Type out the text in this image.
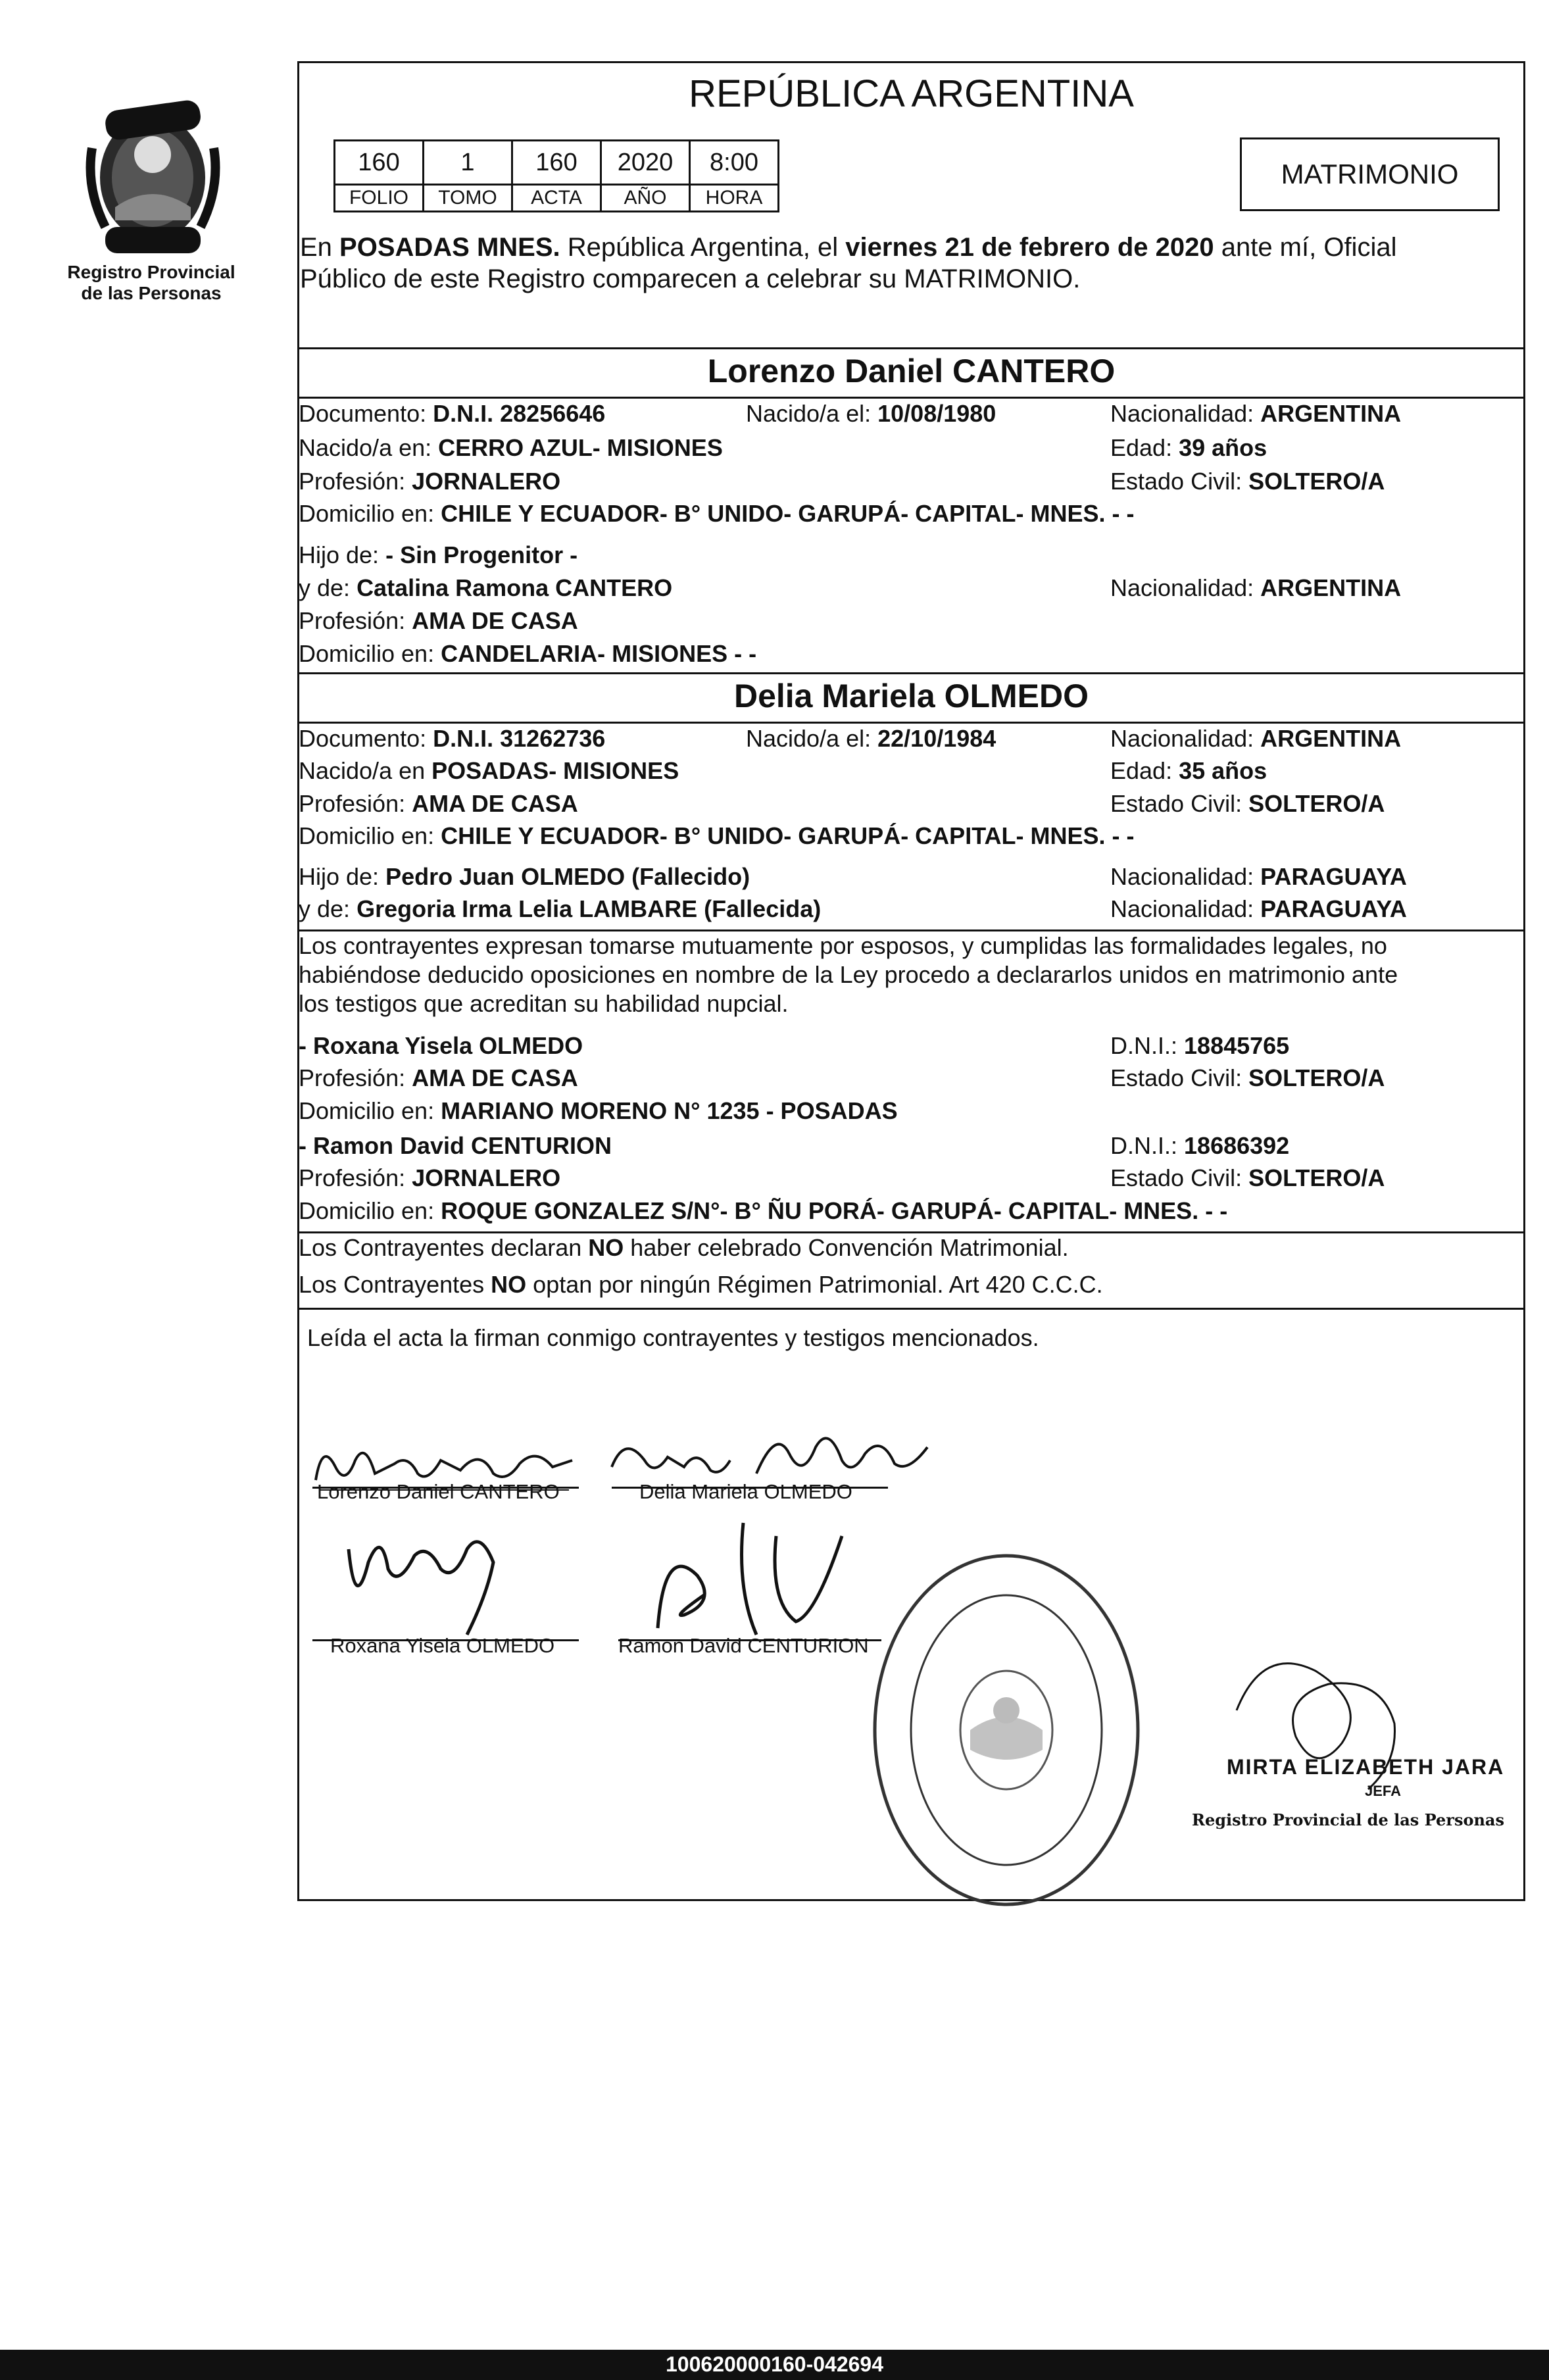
Registro Provincial
de las Personas
REPÚBLICA ARGENTINA
160	1	160	2020	8:00
FOLIO	TOMO	ACTA	AÑO	HORA
MATRIMONIO
En POSADAS MNES. República Argentina, el viernes 21 de febrero de 2020 ante mí, Oficial
Público de este Registro comparecen a celebrar su MATRIMONIO.
Lorenzo Daniel CANTERO
Documento: D.N.I. 28256646	Nacido/a el: 10/08/1980	Nacionalidad: ARGENTINA
Nacido/a en: CERRO AZUL- MISIONES	Edad: 39 años
Profesión: JORNALERO	Estado Civil: SOLTERO/A
Domicilio en: CHILE Y ECUADOR- B° UNIDO- GARUPÁ- CAPITAL- MNES. - -
Hijo de: - Sin Progenitor -
y de: Catalina Ramona CANTERO	Nacionalidad: ARGENTINA
Profesión: AMA DE CASA
Domicilio en: CANDELARIA- MISIONES - -
Delia Mariela OLMEDO
Documento: D.N.I. 31262736	Nacido/a el: 22/10/1984	Nacionalidad: ARGENTINA
Nacido/a en POSADAS- MISIONES	Edad: 35 años
Profesión: AMA DE CASA	Estado Civil: SOLTERO/A
Domicilio en: CHILE Y ECUADOR- B° UNIDO- GARUPÁ- CAPITAL- MNES. - -
Hijo de: Pedro Juan OLMEDO (Fallecido)	Nacionalidad: PARAGUAYA
y de: Gregoria Irma Lelia LAMBARE (Fallecida)	Nacionalidad: PARAGUAYA
Los contrayentes expresan tomarse mutuamente por esposos, y cumplidas las formalidades legales, no
habiéndose deducido oposiciones en nombre de la Ley procedo a declararlos unidos en matrimonio ante
los testigos que acreditan su habilidad nupcial.
- Roxana Yisela OLMEDO	D.N.I.: 18845765
Profesión: AMA DE CASA	Estado Civil: SOLTERO/A
Domicilio en: MARIANO MORENO N° 1235 - POSADAS
- Ramon David CENTURION	D.N.I.: 18686392
Profesión: JORNALERO	Estado Civil: SOLTERO/A
Domicilio en: ROQUE GONZALEZ S/N°- B° ÑU PORÁ- GARUPÁ- CAPITAL- MNES. - -
Los Contrayentes declaran NO haber celebrado Convención Matrimonial.
Los Contrayentes NO optan por ningún Régimen Patrimonial. Art 420 C.C.C.
Leída el acta la firman conmigo contrayentes y testigos mencionados.
Lorenzo Daniel CANTERO	Delia Mariela OLMEDO
Roxana Yisela OLMEDO	Ramon David CENTURION
MIRTA ELIZABETH JARA
JEFA
Registro Provincial de las Personas
100620000160-042694
